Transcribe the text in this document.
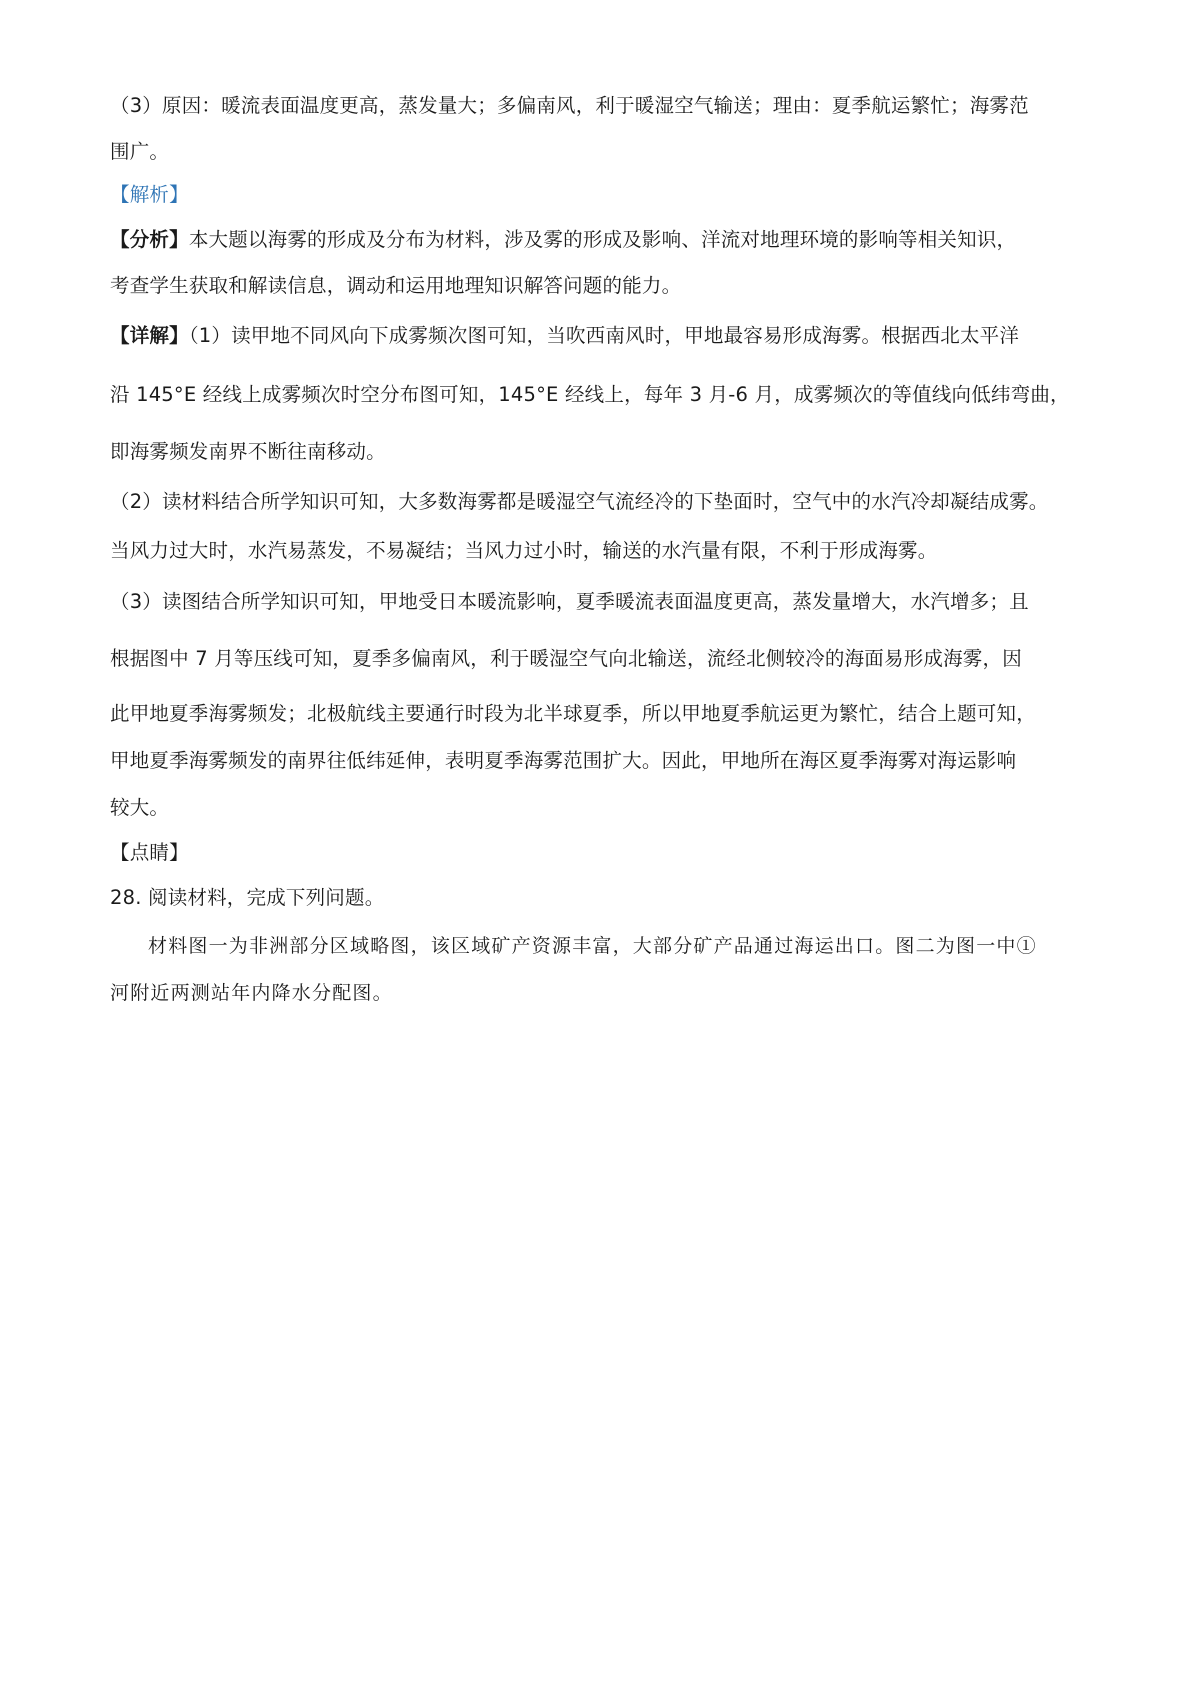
（3）原因：暖流表面温度更高，蒸发量大；多偏南风，利于暖湿空气输送；理由：夏季航运繁忙；海雾范
围广。
【解析】
【分析】本大题以海雾的形成及分布为材料，涉及雾的形成及影响、洋流对地理环境的影响等相关知识，
考查学生获取和解读信息，调动和运用地理知识解答问题的能力。
【详解】（1）读甲地不同风向下成雾频次图可知，当吹西南风时，甲地最容易形成海雾。根据西北太平洋
沿 145°E 经线上成雾频次时空分布图可知，145°E 经线上，每年 3 月-6 月，成雾频次的等值线向低纬弯曲，
即海雾频发南界不断往南移动。
（2）读材料结合所学知识可知，大多数海雾都是暖湿空气流经冷的下垫面时，空气中的水汽冷却凝结成雾。
当风力过大时，水汽易蒸发，不易凝结；当风力过小时，输送的水汽量有限，不利于形成海雾。
（3）读图结合所学知识可知，甲地受日本暖流影响，夏季暖流表面温度更高，蒸发量增大，水汽增多；且
根据图中 7 月等压线可知，夏季多偏南风，利于暖湿空气向北输送，流经北侧较冷的海面易形成海雾，因
此甲地夏季海雾频发；北极航线主要通行时段为北半球夏季，所以甲地夏季航运更为繁忙，结合上题可知，
甲地夏季海雾频发的南界往低纬延伸，表明夏季海雾范围扩大。因此，甲地所在海区夏季海雾对海运影响
较大。
【点睛】
28. 阅读材料，完成下列问题。
材料图一为非洲部分区域略图，该区域矿产资源丰富，大部分矿产品通过海运出口。图二为图一中①
河附近两测站年内降水分配图。
